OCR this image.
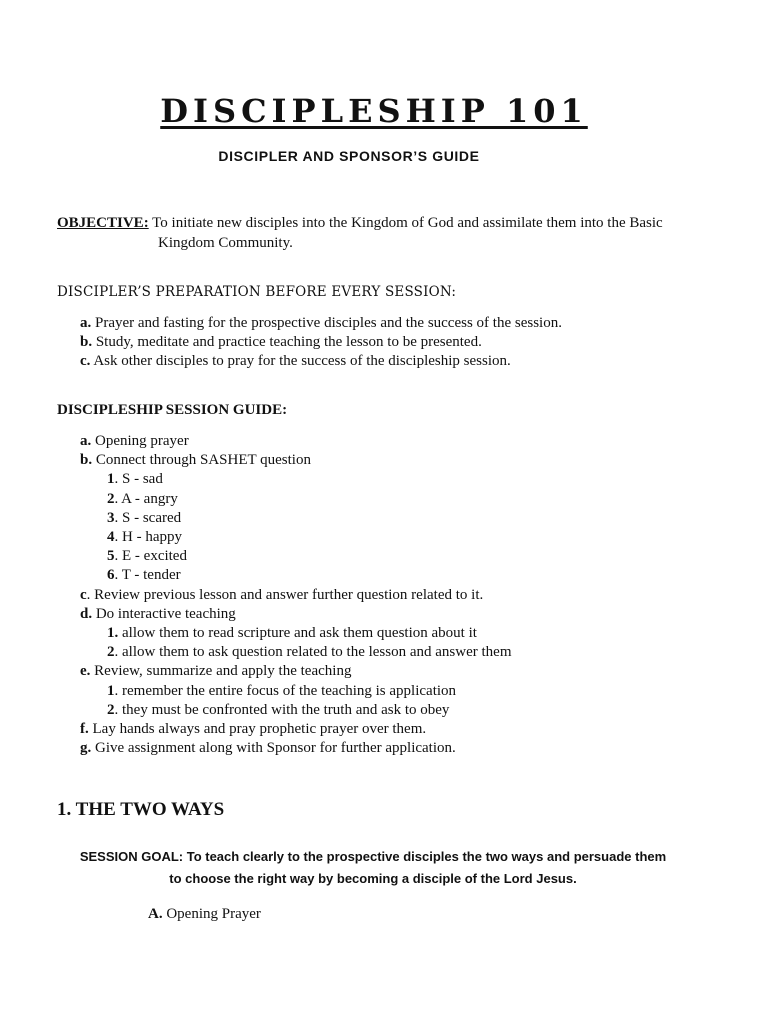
DISCIPLESHIP 101
DISCIPLER AND SPONSOR’S GUIDE
OBJECTIVE: To initiate new disciples into the Kingdom of God and assimilate them into the Basic
Kingdom Community.
DISCIPLER’S PREPARATION BEFORE EVERY SESSION:
a. Prayer and fasting for the prospective disciples and the success of the session.
b. Study, meditate and practice teaching the lesson to be presented.
c. Ask other disciples to pray for the success of the discipleship session.
DISCIPLESHIP SESSION GUIDE:
a. Opening prayer
b. Connect through SASHET question
1. S - sad
2. A - angry
3. S - scared
4. H - happy
5. E - excited
6. T - tender
c. Review previous lesson and answer further question related to it.
d. Do interactive teaching
1. allow them to read scripture and ask them question about it
2. allow them to ask question related to the lesson and answer them
e. Review, summarize and apply the teaching
1. remember the entire focus of the teaching is application
2. they must be confronted with the truth and ask to obey
f. Lay hands always and pray prophetic prayer over them.
g. Give assignment along with Sponsor for further application.
1. THE TWO WAYS
SESSION GOAL: To teach clearly to the prospective disciples the two ways and persuade them
to choose the right way by becoming a disciple of the Lord Jesus.
A. Opening Prayer
